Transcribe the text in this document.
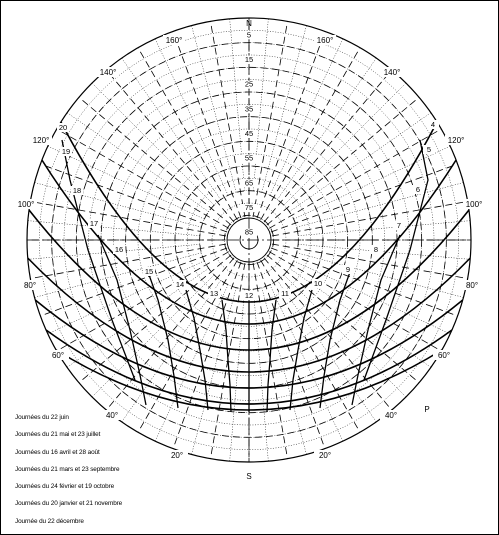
5
15
25
35
45
55
65
75
85
160°	160°
140°	140°
120°	120°
100°	100°
80°	80°
60°	60°
40°	40°
20°	20°
4
5
6
7
8
9
10
11
12
13
14
15
16
17
18
19
20
N
S
P
Journées du 22 juin
Journées du 21 mai et 23 juillet
Journées du 16 avril et 28 août
Journées du 21 mars et 23 septembre
Journées du 24 février et 19 octobre
Journées du 20 janvier et 21 novembre
Journée du 22 décembre
